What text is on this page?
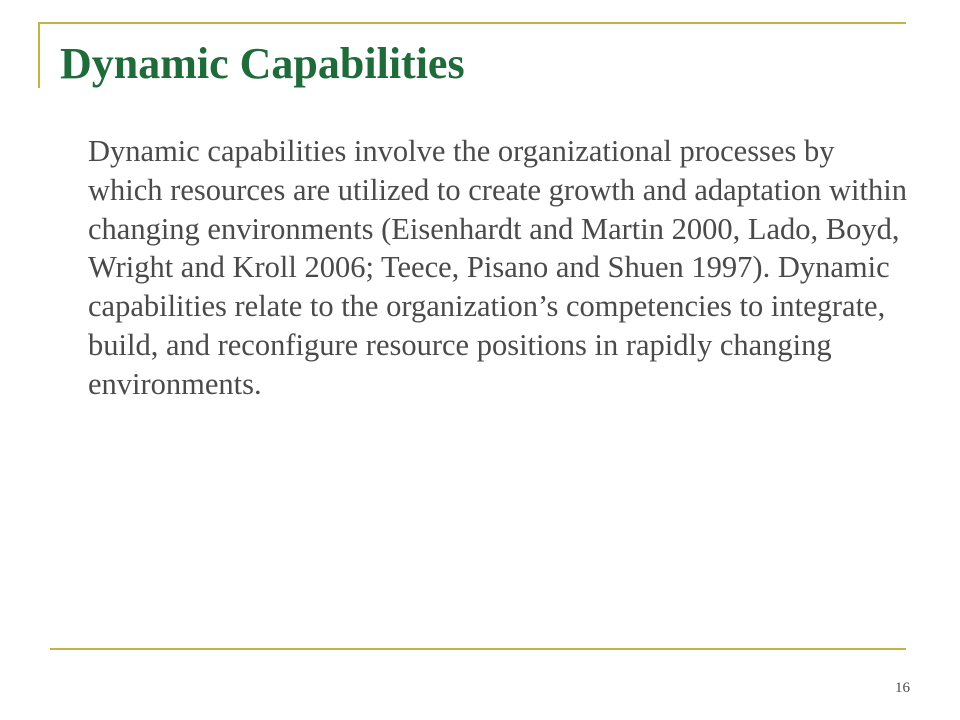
Dynamic Capabilities

Dynamic capabilities involve the organizational processes by which resources are utilized to create growth and adaptation within changing environments (Eisenhardt and Martin 2000, Lado, Boyd, Wright and Kroll 2006; Teece, Pisano and Shuen 1997). Dynamic capabilities relate to the organization’s competencies to integrate, build, and reconfigure resource positions in rapidly changing environments.

16
